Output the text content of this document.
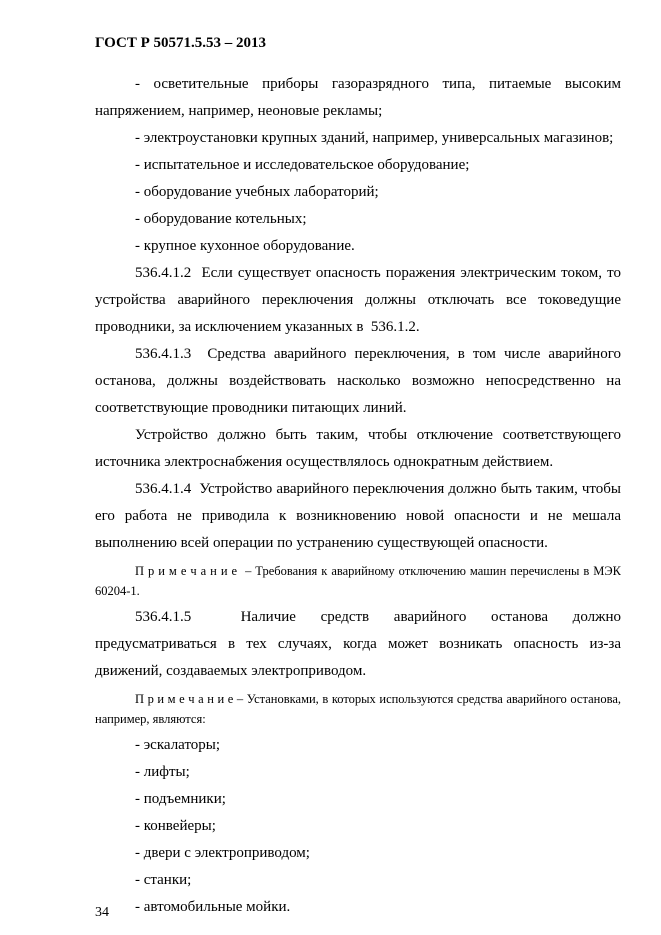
ГОСТ Р 50571.5.53 – 2013

- осветительные приборы газоразрядного типа, питаемые высоким напряжением, например, неоновые рекламы;

- электроустановки крупных зданий, например, универсальных магазинов;

- испытательное и исследовательское оборудование;

- оборудование учебных лабораторий;

- оборудование котельных;

- крупное кухонное оборудование.

536.4.1.2  Если существует опасность поражения электрическим током, то устройства аварийного переключения должны отключать все токоведущие проводники, за исключением указанных в  536.1.2.

536.4.1.3  Средства аварийного переключения, в том числе аварийного останова, должны воздействовать насколько возможно непосредственно на соответствующие проводники питающих линий.

Устройство должно быть таким, чтобы отключение соответствующего источника электроснабжения осуществлялось однократным действием.

536.4.1.4  Устройство аварийного переключения должно быть таким, чтобы его работа не приводила к возникновению новой опасности и не мешала выполнению всей операции по устранению существующей опасности.

П р и м е ч а н и е  – Требования к аварийному отключению машин перечислены в МЭК 60204-1.

536.4.1.5  Наличие средств аварийного останова должно предусматриваться в тех случаях, когда может возникать опасность из-за движений, создаваемых электроприводом.

П р и м е ч а н и е – Установками, в которых используются средства аварийного останова, например, являются:

- эскалаторы;

- лифты;

- подъемники;

- конвейеры;

- двери с электроприводом;

- станки;

- автомобильные мойки.

34
